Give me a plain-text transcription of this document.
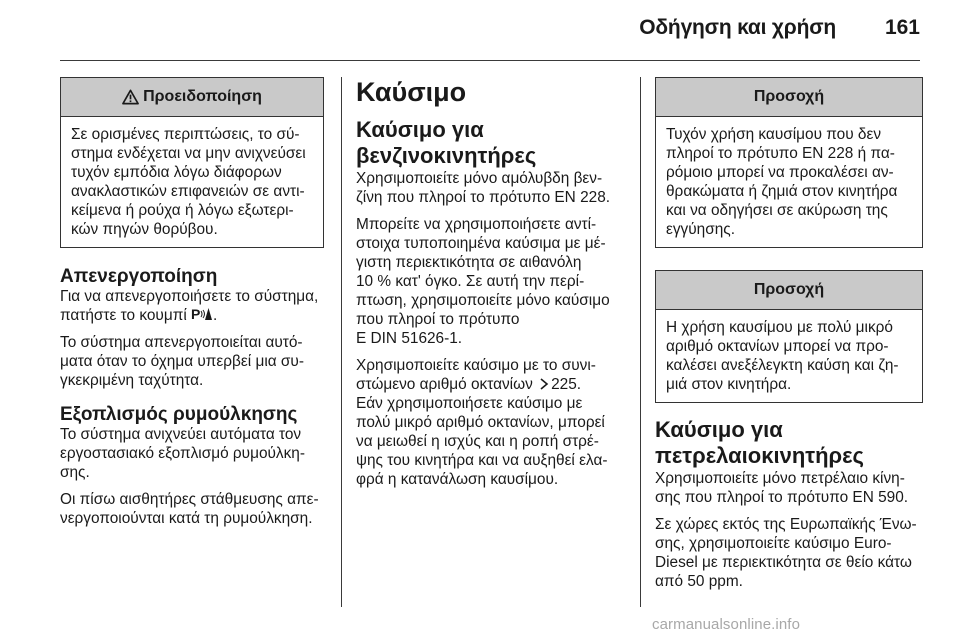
Οδήγηση και χρήση 161
Προειδοποίηση
Σε ορισμένες περιπτώσεις, το σύ-
στημα ενδέχεται να μην ανιχνεύσει
τυχόν εμπόδια λόγω διάφορων
ανακλαστικών επιφανειών σε αντι-
κείμενα ή ρούχα ή λόγω εξωτερι-
κών πηγών θορύβου.
Απενεργοποίηση
Για να απενεργοποιήσετε το σύστημα,
πατήστε το κουμπί P .
Το σύστημα απενεργοποιείται αυτό-
ματα όταν το όχημα υπερβεί μια συ-
γκεκριμένη ταχύτητα.
Εξοπλισμός ρυμούλκησης
Το σύστημα ανιχνεύει αυτόματα τον
εργοστασιακό εξοπλισμό ρυμούλκη-
σης.
Οι πίσω αισθητήρες στάθμευσης απε-
νεργοποιούνται κατά τη ρυμούλκηση.
Καύσιμο
Καύσιμο για
βενζινοκινητήρες
Χρησιμοποιείτε μόνο αμόλυβδη βεν-
ζίνη που πληροί το πρότυπο EN 228.
Μπορείτε να χρησιμοποιήσετε αντί-
στοιχα τυποποιημένα καύσιμα με μέ-
γιστη περιεκτικότητα σε αιθανόλη
10 % κατ' όγκο. Σε αυτή την περί-
πτωση, χρησιμοποιείτε μόνο καύσιμο
που πληροί το πρότυπο
E DIN 51626-1.
Χρησιμοποιείτε καύσιμο με το συνι-
στώμενο αριθμό οκτανίων 225.
Εάν χρησιμοποιήσετε καύσιμο με
πολύ μικρό αριθμό οκτανίων, μπορεί
να μειωθεί η ισχύς και η ροπή στρέ-
ψης του κινητήρα και να αυξηθεί ελα-
φρά η κατανάλωση καυσίμου.
Προσοχή
Τυχόν χρήση καυσίμου που δεν
πληροί το πρότυπο EN 228 ή πα-
ρόμοιο μπορεί να προκαλέσει αν-
θρακώματα ή ζημιά στον κινητήρα
και να οδηγήσει σε ακύρωση της
εγγύησης.
Προσοχή
Η χρήση καυσίμου με πολύ μικρό
αριθμό οκτανίων μπορεί να προ-
καλέσει ανεξέλεγκτη καύση και ζη-
μιά στον κινητήρα.
Καύσιμο για
πετρελαιοκινητήρες
Χρησιμοποιείτε μόνο πετρέλαιο κίνη-
σης που πληροί το πρότυπο EN 590.
Σε χώρες εκτός της Ευρωπαϊκής Ένω-
σης, χρησιμοποιείτε καύσιμο Euro-
Diesel με περιεκτικότητα σε θείο κάτω
από 50 ppm.
carmanualsonline.info
